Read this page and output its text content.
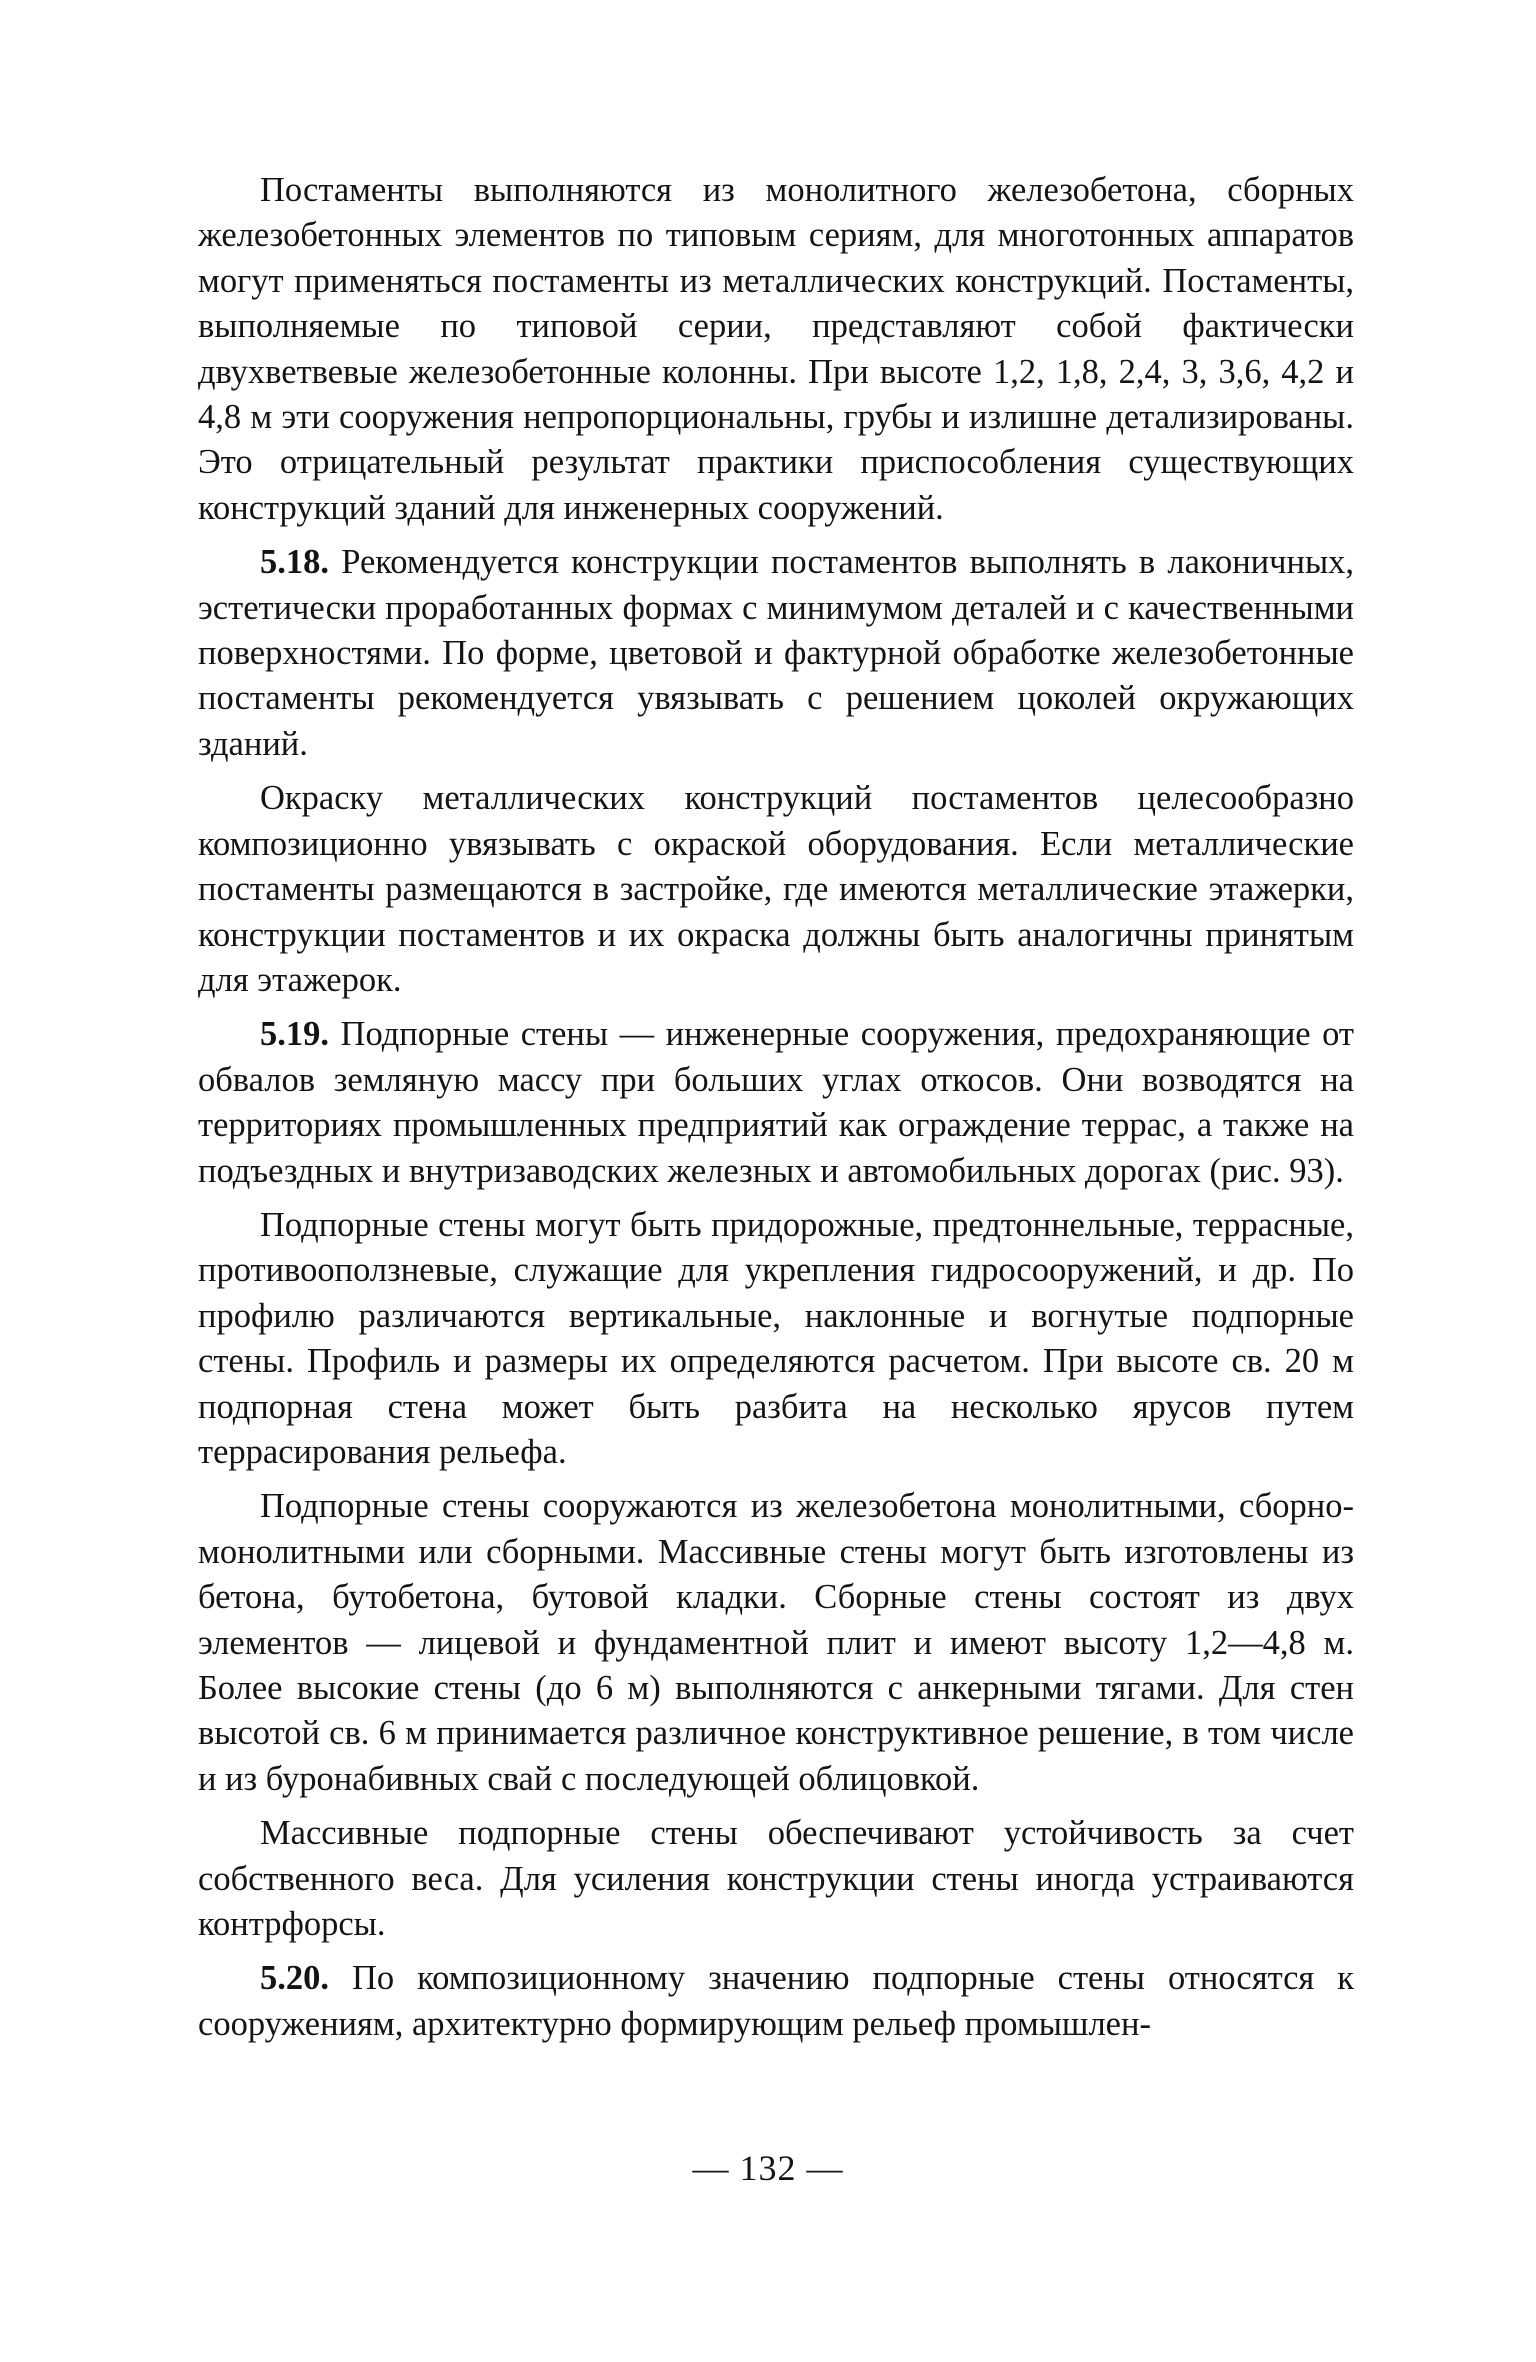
Постаменты выполняются из монолитного железобетона, сборных железобетонных элементов по типовым сериям, для многотонных аппаратов могут применяться постаменты из металлических конструкций. Постаменты, выполняемые по типовой серии, представляют собой фактически двухветвевые железобетонные колонны. При высоте 1,2, 1,8, 2,4, 3, 3,6, 4,2 и 4,8 м эти сооружения непропорциональны, грубы и излишне детализированы. Это отрицательный результат практики приспособления существующих конструкций зданий для инженерных сооружений.

5.18. Рекомендуется конструкции постаментов выполнять в лаконичных, эстетически проработанных формах с минимумом деталей и с качественными поверхностями. По форме, цветовой и фактурной обработке железобетонные постаменты рекомендуется увязывать с решением цоколей окружающих зданий.

Окраску металлических конструкций постаментов целесообразно композиционно увязывать с окраской оборудования. Если металлические постаменты размещаются в застройке, где имеются металлические этажерки, конструкции постаментов и их окраска должны быть аналогичны принятым для этажерок.

5.19. Подпорные стены — инженерные сооружения, предохраняющие от обвалов земляную массу при больших углах откосов. Они возводятся на территориях промышленных предприятий как ограждение террас, а также на подъездных и внутризаводских железных и автомобильных дорогах (рис. 93).

Подпорные стены могут быть придорожные, предтоннельные, террасные, противооползневые, служащие для укрепления гидросооружений, и др. По профилю различаются вертикальные, наклонные и вогнутые подпорные стены. Профиль и размеры их определяются расчетом. При высоте св. 20 м подпорная стена может быть разбита на несколько ярусов путем террасирования рельефа.

Подпорные стены сооружаются из железобетона монолитными, сборно-монолитными или сборными. Массивные стены могут быть изготовлены из бетона, бутобетона, бутовой кладки. Сборные стены состоят из двух элементов — лицевой и фундаментной плит и имеют высоту 1,2—4,8 м. Более высокие стены (до 6 м) выполняются с анкерными тягами. Для стен высотой св. 6 м принимается различное конструктивное решение, в том числе и из буронабивных свай с последующей облицовкой.

Массивные подпорные стены обеспечивают устойчивость за счет собственного веса. Для усиления конструкции стены иногда устраиваются контрфорсы.

5.20. По композиционному значению подпорные стены относятся к сооружениям, архитектурно формирующим рельеф промышлен-

— 132 —
